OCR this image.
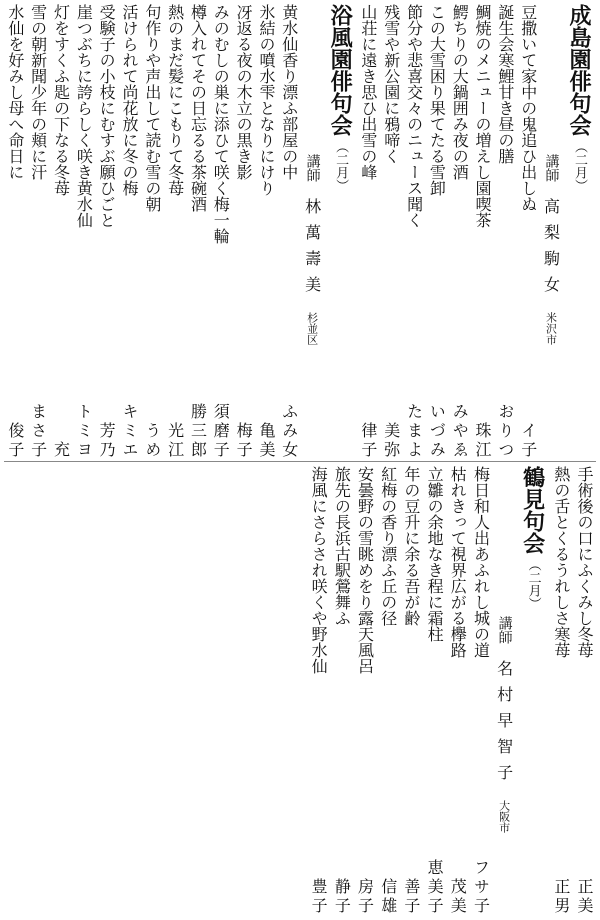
成島園俳句会
（二月）
講師
高梨駒女
米沢市
豆撒いて家中の鬼追ひ出しぬ
イ子
誕生会寒鯉甘き昼の膳
おりつ
鯛焼のメニューの増えし園喫茶
珠江
鰐ちりの大鍋囲み夜の酒
みやゑ
この大雪困り果てたる雪卸
いづみ
節分や悲喜交々のニュース聞く
たまよ
残雪や新公園に鴉啼く
美弥
山荘に遠き思ひ出雪の峰
律子
浴風園俳句会
（二月）
講師
林萬壽美
杉並区
黄水仙香り漂ふ部屋の中
ふみ女
氷結の噴水雫となりにけり
亀美
冴返る夜の木立の黒き影
梅子
みのむしの巣に添ひて咲く梅一輪
須磨子
樽入れてその日忘るる茶碗酒
勝三郎
熱のまだ髪にこもりて冬苺
光江
句作りや声出して読む雪の朝
うめ
活けられて尚花放に冬の梅
キミエ
受験子の小枝にむすぶ願ひごと
芳乃
崖つぶちに誇らしく咲き黄水仙
トミヨ
灯をすくふ匙の下なる冬苺
充
雪の朝新聞少年の頬に汗
まさ子
水仙を好みし母へ命日に
俊子
手術後の口にふくみし冬苺
正美
熱の舌とくるうれしさ寒苺
正男
鶴見句会
（二月）
講師
名村早智子
大阪市
梅日和人出あふれし城の道
フサ子
枯れきって視界広がる欅路
茂美
立雛の余地なき程に霜柱
恵美子
年の豆升に余る吾が齢
善子
紅梅の香り漂ふ丘の径
信雄
安曇野の雪眺めをり露天風呂
房子
旅先の長浜古駅鶯舞ふ
静子
海風にさらされ咲くや野水仙
豊子
